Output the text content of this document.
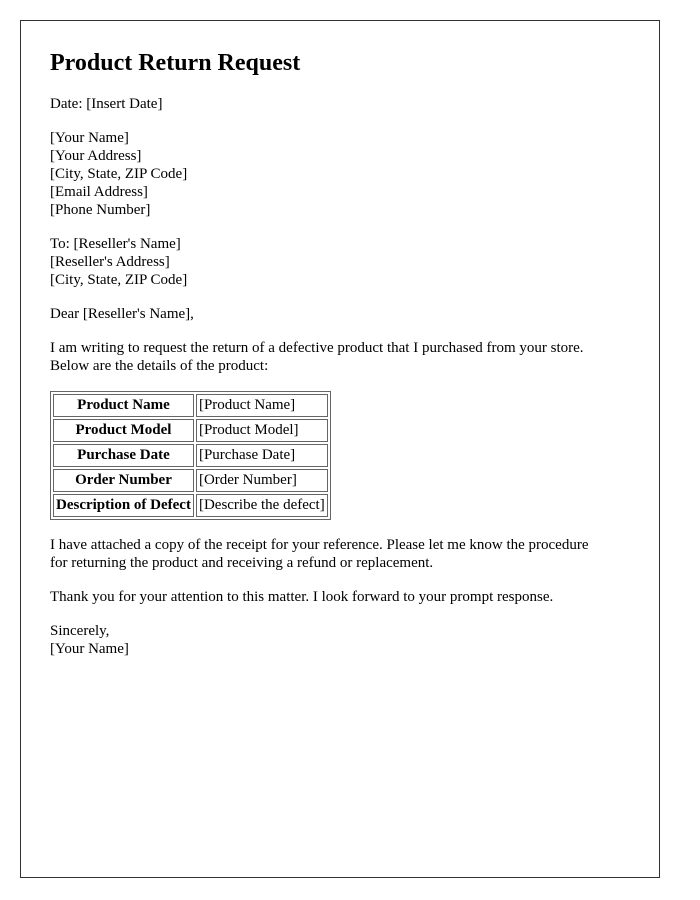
Product Return Request
Date: [Insert Date]
[Your Name]
[Your Address]
[City, State, ZIP Code]
[Email Address]
[Phone Number]
To: [Reseller's Name]
[Reseller's Address]
[City, State, ZIP Code]
Dear [Reseller's Name],
I am writing to request the return of a defective product that I purchased from your store.
Below are the details of the product:
Product Name	[Product Name]
Product Model	[Product Model]
Purchase Date	[Purchase Date]
Order Number	[Order Number]
Description of Defect	[Describe the defect]
I have attached a copy of the receipt for your reference. Please let me know the procedure
for returning the product and receiving a refund or replacement.
Thank you for your attention to this matter. I look forward to your prompt response.
Sincerely,
[Your Name]
